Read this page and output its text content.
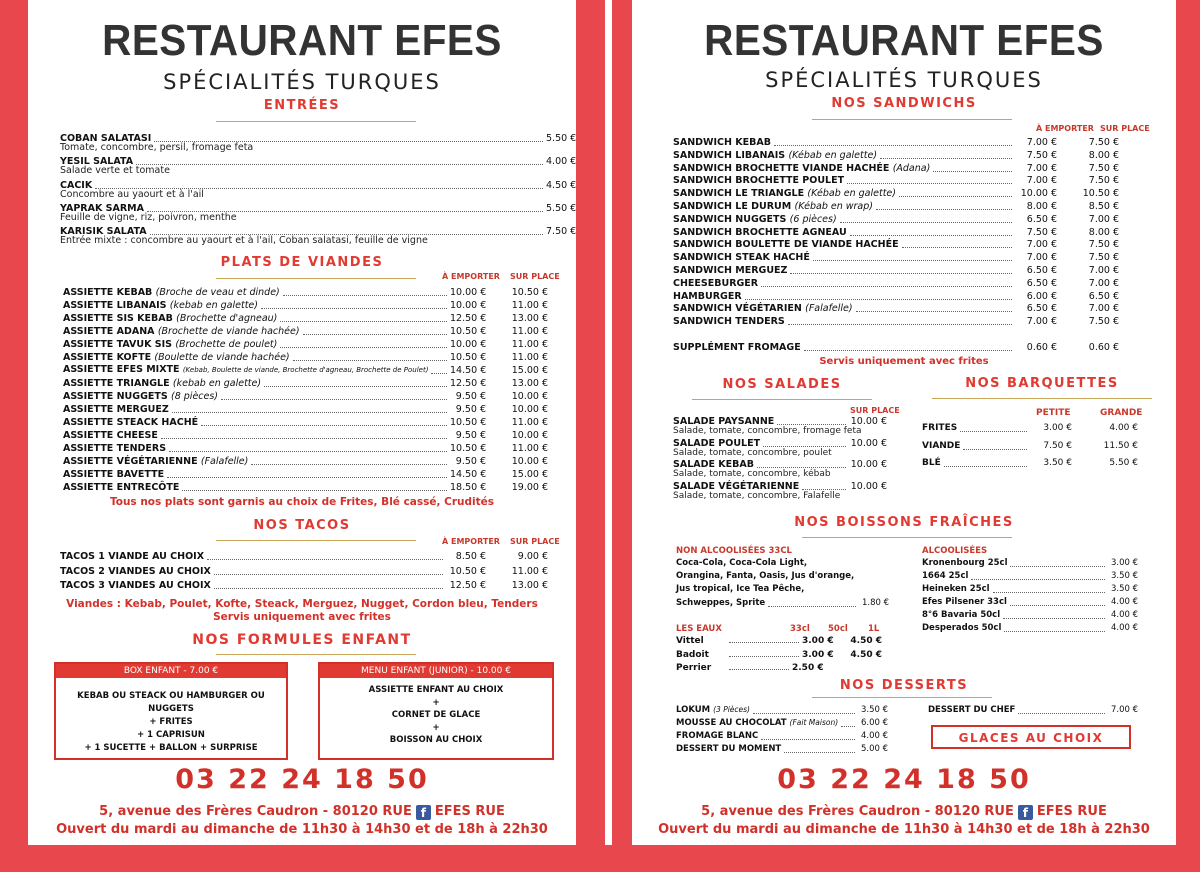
RESTAURANT EFES
SPÉCIALITÉS TURQUES
ENTRÉES
COBAN SALATASI	5.50 €
Tomate, concombre, persil, fromage feta
YESIL SALATA	4.00 €
Salade verte et tomate
CACIK	4.50 €
Concombre au yaourt et à l'ail
YAPRAK SARMA	5.50 €
Feuille de vigne, riz, poivron, menthe
KARISIK SALATA	7.50 €
Entrée mixte : concombre au yaourt et à l'ail, Coban salatasi, feuille de vigne
PLATS DE VIANDES
À EMPORTER SUR PLACE
ASSIETTE KEBAB (Broche de veau et dinde)	10.00 €	10.50 €
ASSIETTE LIBANAIS (kebab en galette)	10.00 €	11.00 €
ASSIETTE SIS KEBAB (Brochette d'agneau)	12.50 €	13.00 €
ASSIETTE ADANA (Brochette de viande hachée)	10.50 €	11.00 €
ASSIETTE TAVUK SIS (Brochette de poulet)	10.00 €	11.00 €
ASSIETTE KOFTE (Boulette de viande hachée)	10.50 €	11.00 €
ASSIETTE EFES MIXTE (Kebab, Boulette de viande, Brochette d'agneau, Brochette de Poulet) 14.50 €	15.00 €
ASSIETTE TRIANGLE (kebab en galette)	12.50 €	13.00 €
ASSIETTE NUGGETS (8 pièces)	9.50 €	10.00 €
ASSIETTE MERGUEZ	9.50 €	10.00 €
ASSIETTE STEACK HACHÉ	10.50 €	11.00 €
ASSIETTE CHEESE	9.50 €	10.00 €
ASSIETTE TENDERS	10.50 €	11.00 €
ASSIETTE VÉGÉTARIENNE (Falafelle)	9.50 €	10.00 €
ASSIETTE BAVETTE	14.50 €	15.00 €
ASSIETTE ENTRECÔTE	18.50 €	19.00 €
Tous nos plats sont garnis au choix de Frites, Blé cassé, Crudités
NOS TACOS
À EMPORTER SUR PLACE
TACOS 1 VIANDE AU CHOIX	8.50 €	9.00 €
TACOS 2 VIANDES AU CHOIX	10.50 €	11.00 €
TACOS 3 VIANDES AU CHOIX	12.50 €	13.00 €
Viandes : Kebab, Poulet, Kofte, Steack, Merguez, Nugget, Cordon bleu, Tenders
Servis uniquement avec frites
NOS FORMULES ENFANT
BOX ENFANT - 7.00 €
KEBAB OU STEACK OU HAMBURGER OU NUGGETS
+ FRITES
+ 1 CAPRISUN
+ 1 SUCETTE + BALLON + SURPRISE
MENU ENFANT (JUNIOR) - 10.00 €
ASSIETTE ENFANT AU CHOIX
+
CORNET DE GLACE
+
BOISSON AU CHOIX
03 22 24 18 50
5, avenue des Frères Caudron - 80120 RUE f EFES RUE
Ouvert du mardi au dimanche de 11h30 à 14h30 et de 18h à 22h30
RESTAURANT EFES
SPÉCIALITÉS TURQUES
NOS SANDWICHS
À EMPORTER SUR PLACE
SANDWICH KEBAB	7.00 €	7.50 €
SANDWICH LIBANAIS (Kébab en galette)	7.50 €	8.00 €
SANDWICH BROCHETTE VIANDE HACHÉE (Adana)	7.00 €	7.50 €
SANDWICH BROCHETTE POULET	7.00 €	7.50 €
SANDWICH LE TRIANGLE (Kébab en galette)	10.00 €	10.50 €
SANDWICH LE DURUM (Kébab en wrap)	8.00 €	8.50 €
SANDWICH NUGGETS (6 pièces)	6.50 €	7.00 €
SANDWICH BROCHETTE AGNEAU	7.50 €	8.00 €
SANDWICH BOULETTE DE VIANDE HACHÉE	7.00 €	7.50 €
SANDWICH STEAK HACHÉ	7.00 €	7.50 €
SANDWICH MERGUEZ	6.50 €	7.00 €
CHEESEBURGER	6.50 €	7.00 €
HAMBURGER	6.00 €	6.50 €
SANDWICH VÉGÉTARIEN (Falafelle)	6.50 €	7.00 €
SANDWICH TENDERS	7.00 €	7.50 €
SUPPLÉMENT FROMAGE	0.60 €	0.60 €
Servis uniquement avec frites
NOS SALADES
SUR PLACE
SALADE PAYSANNE	10.00 €
Salade, tomate, concombre, fromage feta
SALADE POULET	10.00 €
Salade, tomate, concombre, poulet
SALADE KEBAB	10.00 €
Salade, tomate, concombre, kébab
SALADE VÉGÉTARIENNE	10.00 €
Salade, tomate, concombre, Falafelle
NOS BARQUETTES
PETITE	GRANDE
FRITES	3.00 €	4.00 €
VIANDE	7.50 €	11.50 €
BLÉ	3.50 €	5.50 €
NOS BOISSONS FRAÎCHES
NON ALCOOLISÉES 33CL
Coca-Cola, Coca-Cola Light,
Orangina, Fanta, Oasis, Jus d'orange,
Jus tropical, Ice Tea Pêche,
Schweppes, Sprite	1.80 €
LES EAUX	33cl 50cl 1L
Vittel	3.00 €	4.50 €
Badoit	3.00 €	4.50 €
Perrier	2.50 €
ALCOOLISÉES
Kronenbourg 25cl	3.00 €
1664 25cl	3.50 €
Heineken 25cl	3.50 €
Efes Pilsener 33cl	4.00 €
8°6 Bavaria 50cl	4.00 €
Desperados 50cl	4.00 €
NOS DESSERTS
LOKUM (3 Pièces)	3.50 €
MOUSSE AU CHOCOLAT (Fait Maison)	6.00 €
FROMAGE BLANC	4.00 €
DESSERT DU MOMENT	5.00 €
DESSERT DU CHEF	7.00 €
GLACES AU CHOIX
03 22 24 18 50
5, avenue des Frères Caudron - 80120 RUE f EFES RUE
Ouvert du mardi au dimanche de 11h30 à 14h30 et de 18h à 22h30
